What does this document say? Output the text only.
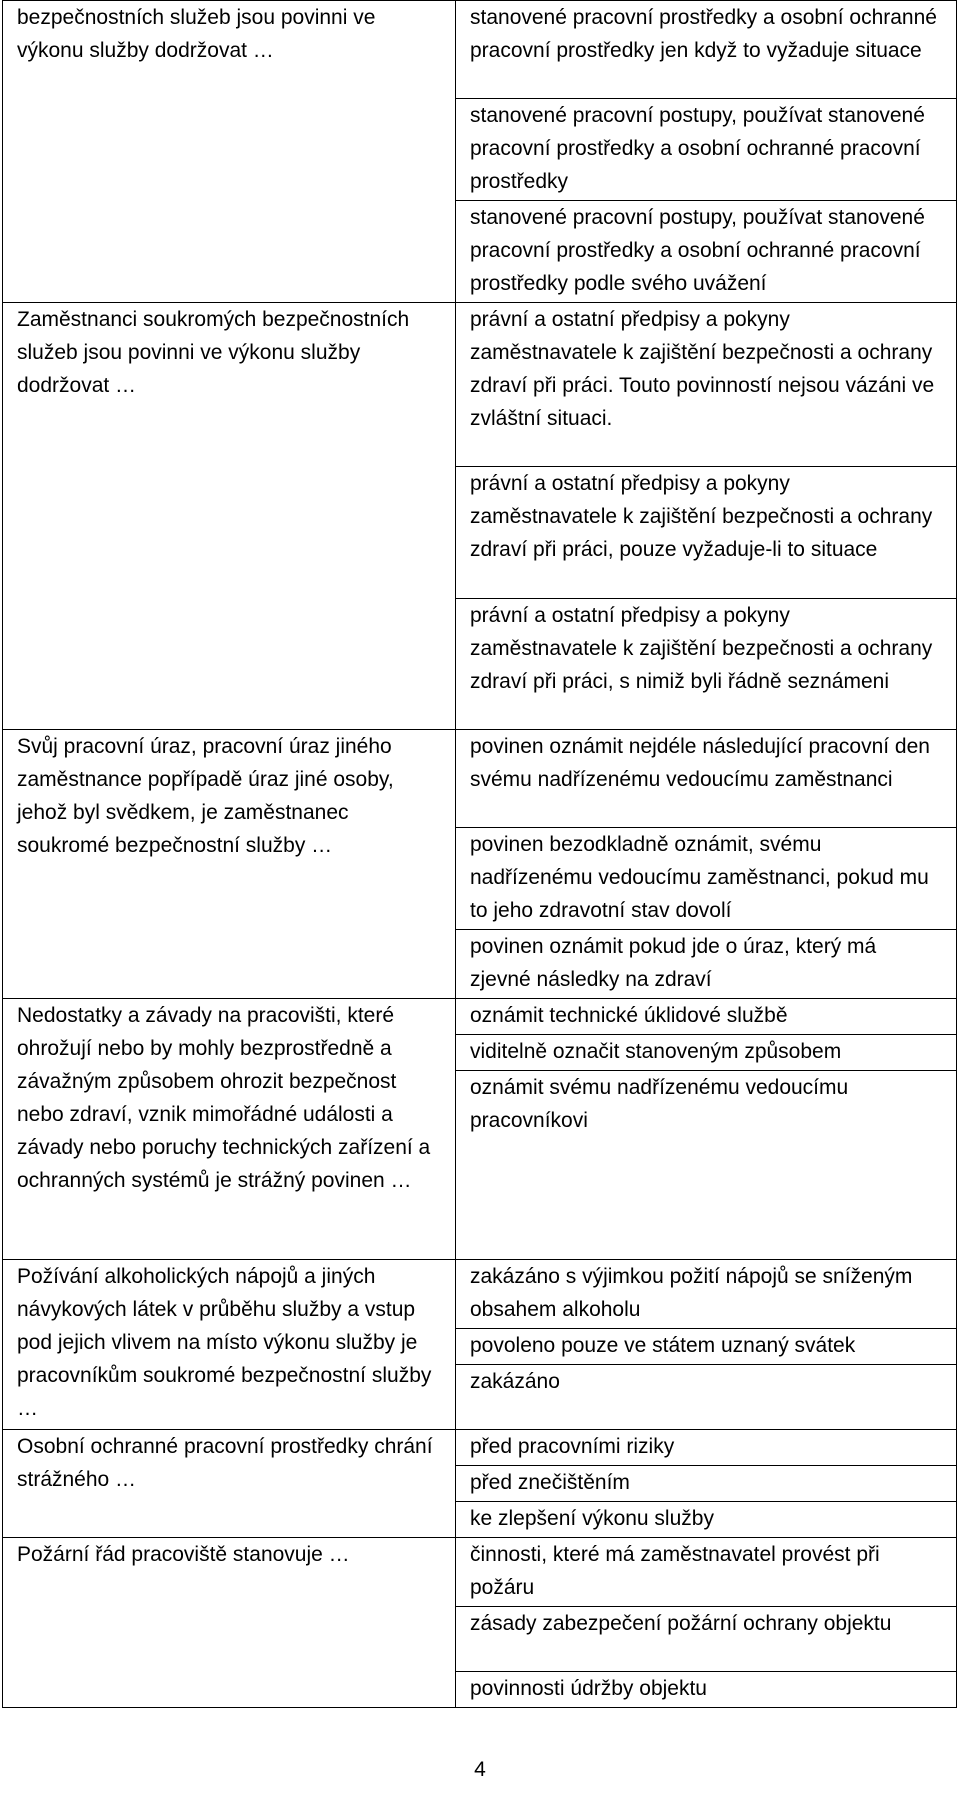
bezpečnostních služeb jsou povinni ve výkonu služby dodržovat …	stanovené pracovní prostředky a osobní ochranné pracovní prostředky jen když to vyžaduje situace
	stanovené pracovní postupy, používat stanovené pracovní prostředky a osobní ochranné pracovní prostředky
	stanovené pracovní postupy, používat stanovené pracovní prostředky a osobní ochranné pracovní prostředky podle svého uvážení
Zaměstnanci soukromých bezpečnostních služeb jsou povinni ve výkonu služby dodržovat …	právní a ostatní předpisy a pokyny zaměstnavatele k zajištění bezpečnosti a ochrany zdraví při práci. Touto povinností nejsou vázáni ve zvláštní situaci.
	právní a ostatní předpisy a pokyny zaměstnavatele k zajištění bezpečnosti a ochrany zdraví při práci, pouze vyžaduje-li to situace
	právní a ostatní předpisy a pokyny zaměstnavatele k zajištění bezpečnosti a ochrany zdraví při práci, s nimiž byli řádně seznámeni
Svůj pracovní úraz, pracovní úraz jiného zaměstnance popřípadě úraz jiné osoby, jehož byl svědkem, je zaměstnanec soukromé bezpečnostní služby …	povinen oznámit nejdéle následující pracovní den svému nadřízenému vedoucímu zaměstnanci
	povinen bezodkladně oznámit, svému nadřízenému vedoucímu zaměstnanci, pokud mu to jeho zdravotní stav dovolí
	povinen oznámit pokud jde o úraz, který má zjevné následky na zdraví
Nedostatky a závady na pracovišti, které ohrožují nebo by mohly bezprostředně a závažným způsobem ohrozit bezpečnost nebo zdraví, vznik mimořádné události a závady nebo poruchy technických zařízení a ochranných systémů je strážný povinen …	oznámit technické úklidové službě
	viditelně označit stanoveným způsobem
	oznámit svému nadřízenému vedoucímu pracovníkovi
Požívání alkoholických nápojů a jiných návykových látek v průběhu služby a vstup pod jejich vlivem na místo výkonu služby je pracovníkům soukromé bezpečnostní služby …	zakázáno s výjimkou požití nápojů se sníženým obsahem alkoholu
	povoleno pouze ve státem uznaný svátek
	zakázáno
Osobní ochranné pracovní prostředky chrání strážného …	před pracovními riziky
	před znečištěním
	ke zlepšení výkonu služby
Požární řád pracoviště stanovuje …	činnosti, které má zaměstnavatel provést při požáru
	zásady zabezpečení požární ochrany objektu
	povinnosti údržby objektu
4
